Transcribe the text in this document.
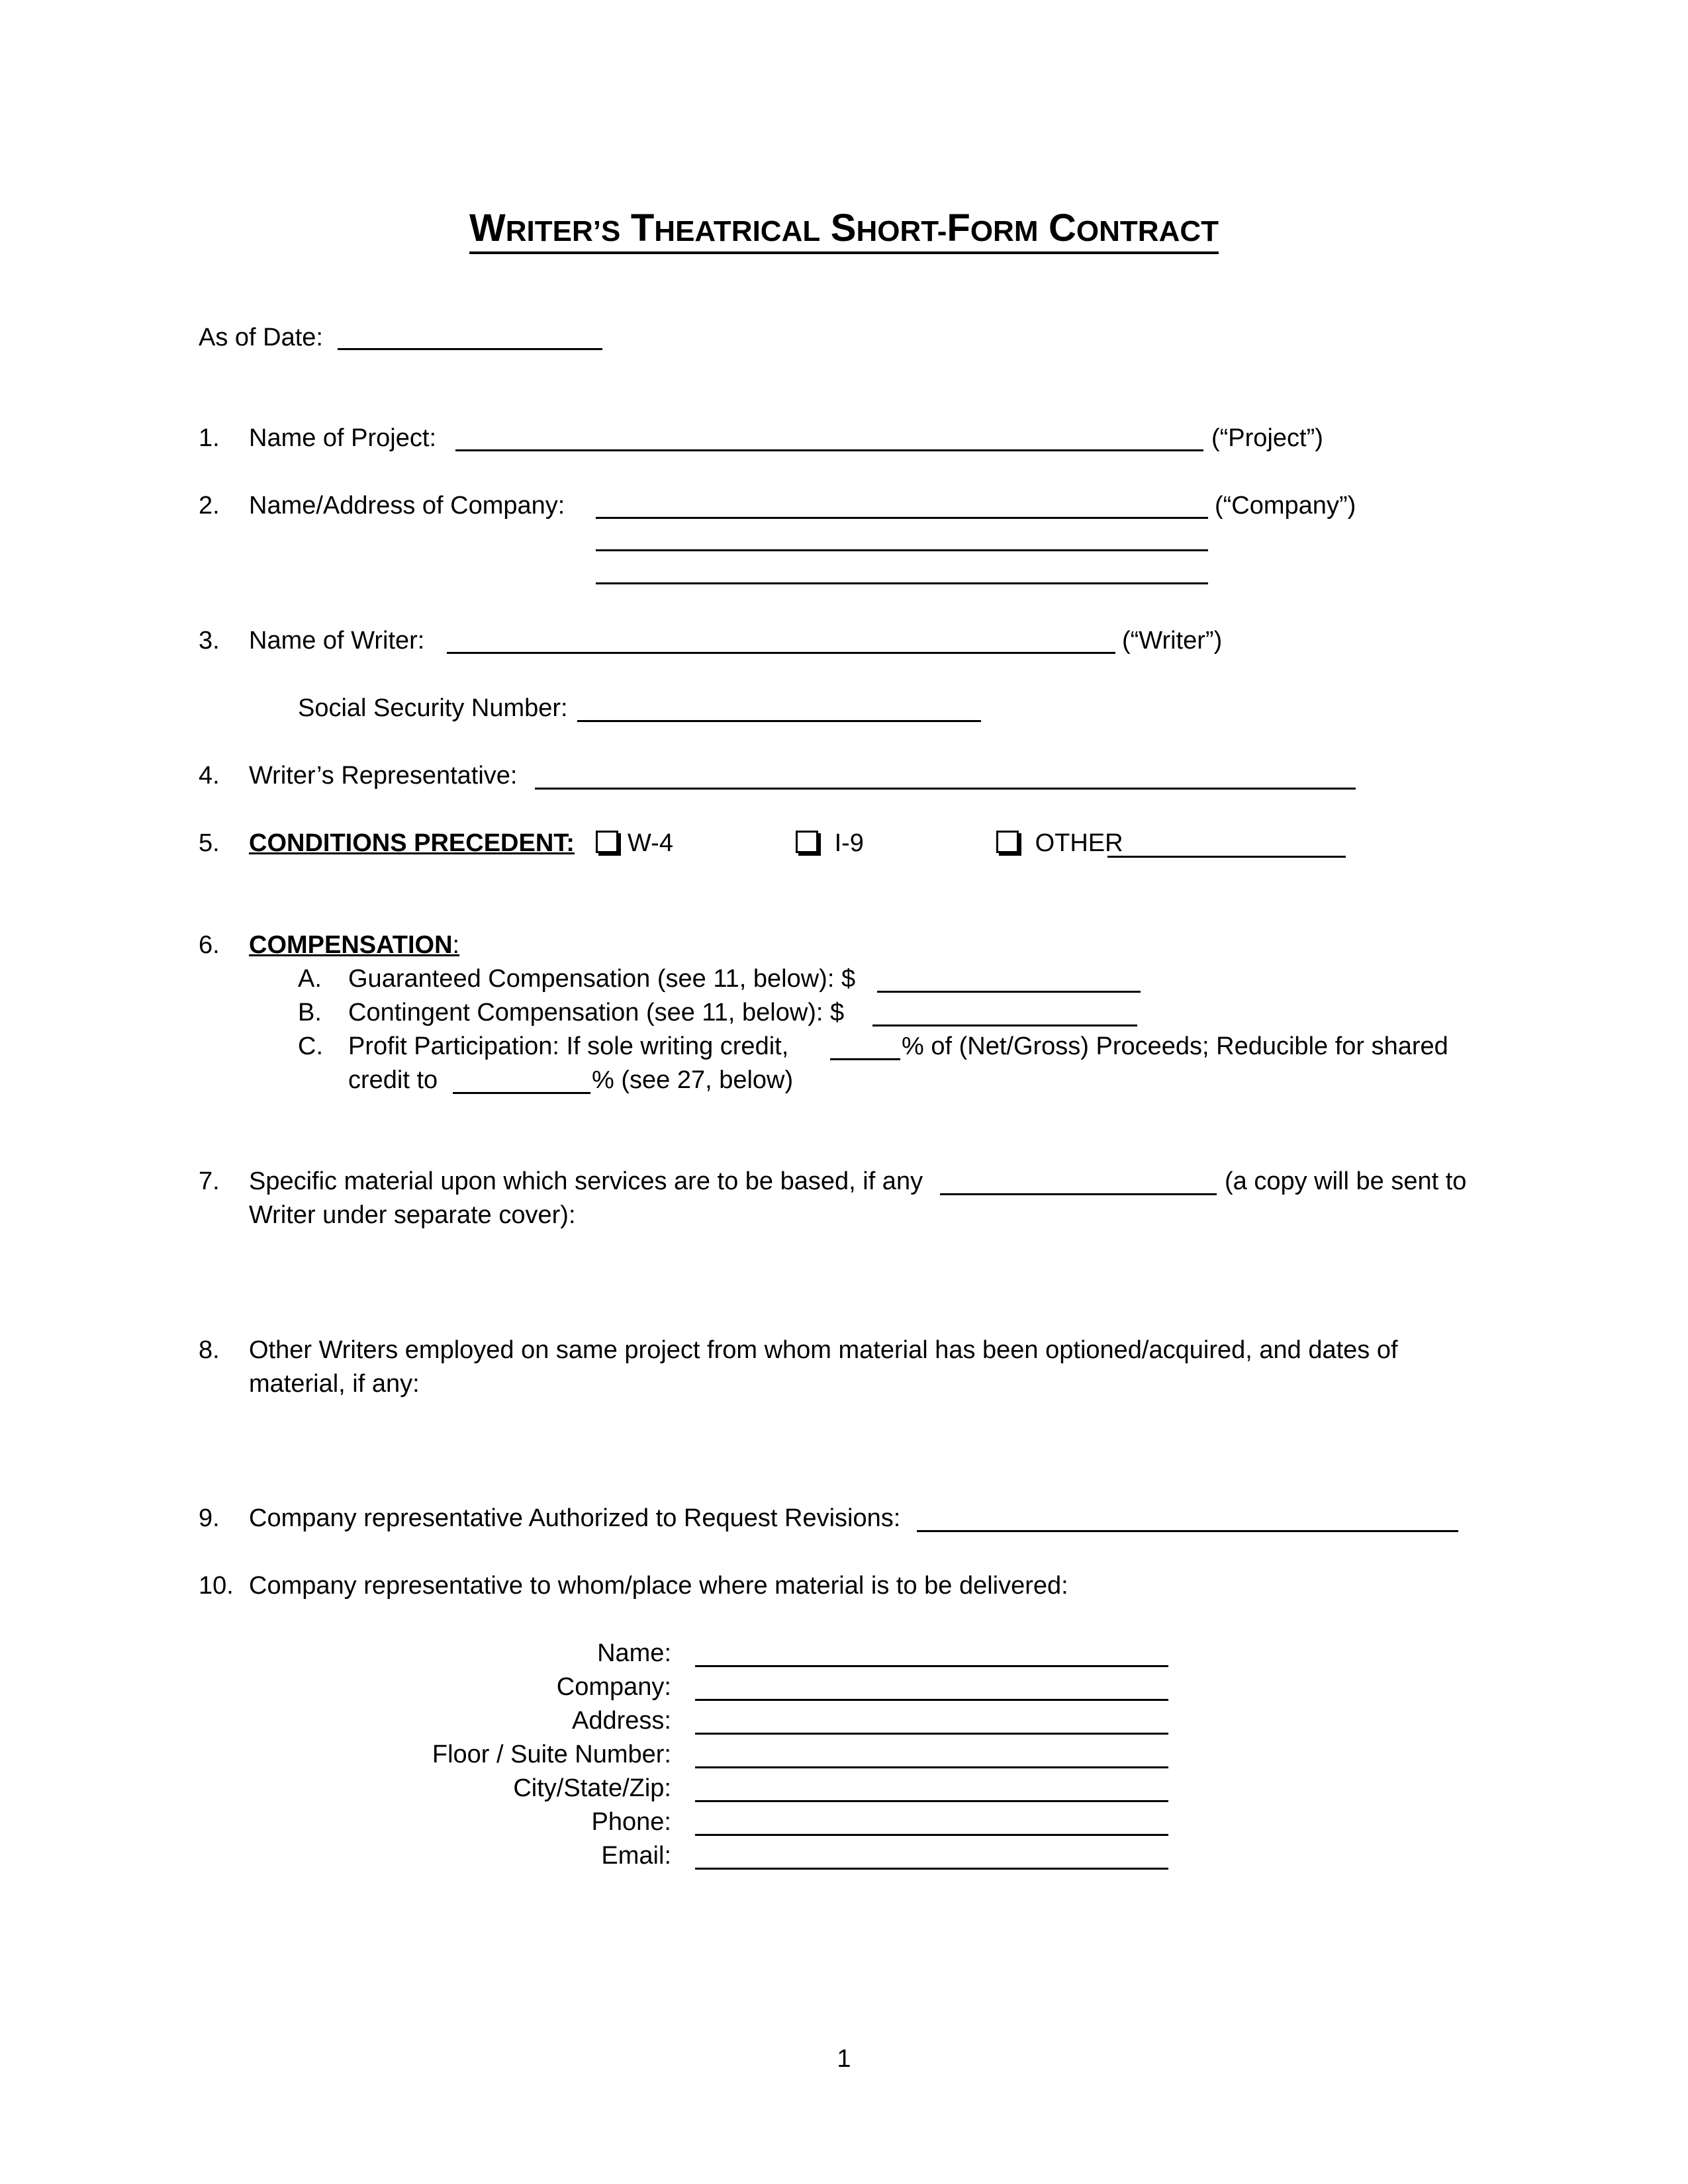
WRITER’S THEATRICAL SHORT-FORM CONTRACT
As of Date:
1.	Name of Project:	(“Project”)
2.	Name/Address of Company:	(“Company”)
3.	Name of Writer:	(“Writer”)
Social Security Number:
4.	Writer’s Representative:
5.	CONDITIONS PRECEDENT:	W-4	I-9	OTHER
6.	COMPENSATION:
A. Guaranteed Compensation (see 11, below): $
B. Contingent Compensation (see 11, below): $
C. Profit Participation: If sole writing credit,	% of (Net/Gross) Proceeds; Reducible for shared
credit to	% (see 27, below)
7.	Specific material upon which services are to be based, if any	(a copy will be sent to
Writer under separate cover):
8.	Other Writers employed on same project from whom material has been optioned/acquired, and dates of
material, if any:
9.	Company representative Authorized to Request Revisions:
10. Company representative to whom/place where material is to be delivered:
Name:
Company:
Address:
Floor / Suite Number:
City/State/Zip:
Phone:
Email:
1
